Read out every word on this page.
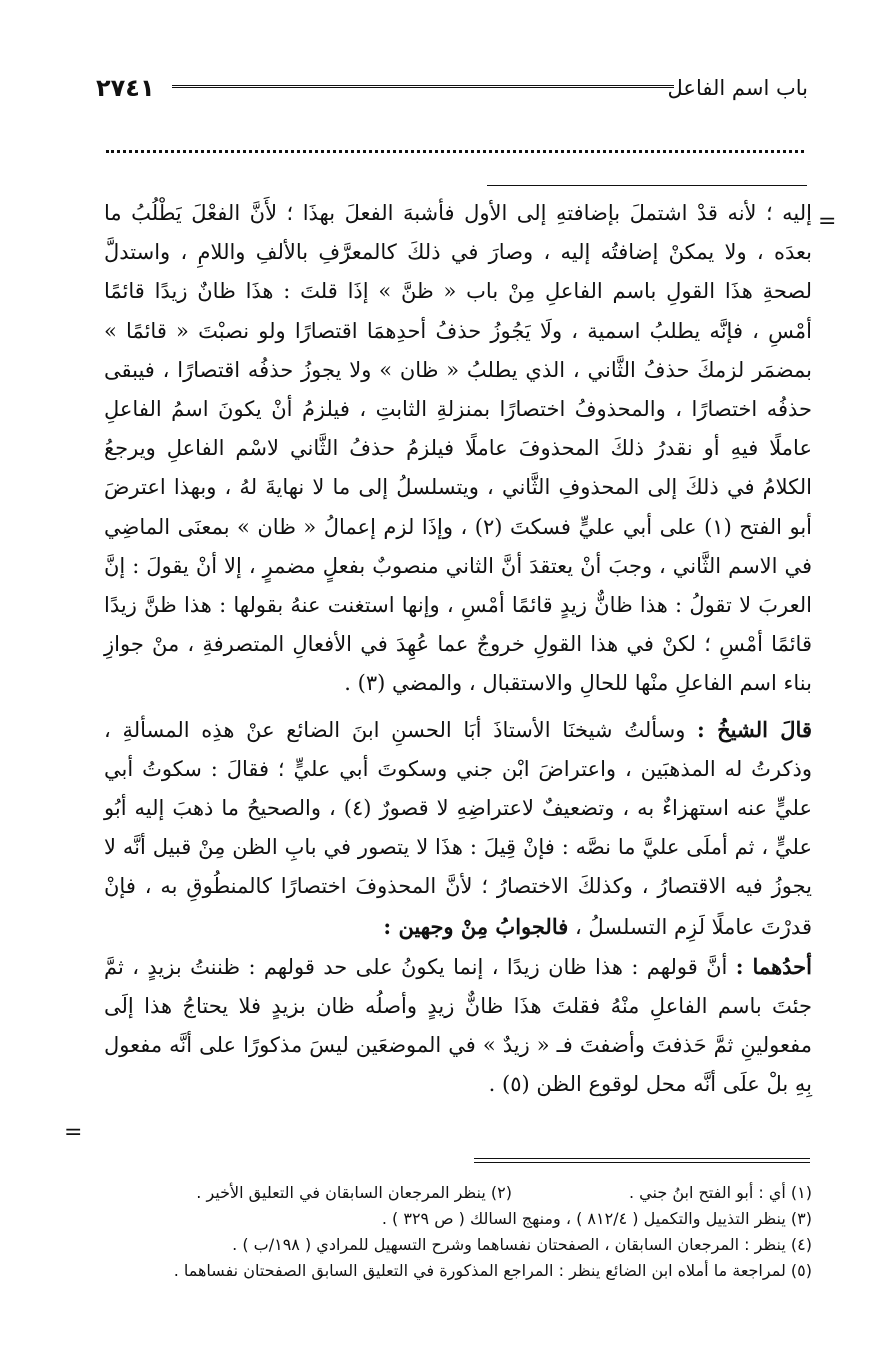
٢٧٤١	باب اسم الفاعل
=

إليه ؛ لأنه قدْ اشتملَ بإضافتهِ إلى الأول فأشبهَ الفعلَ بهذَا ؛ لأَنَّ الفعْلَ يَطْلُبُ ما بعدَه ، ولا يمكنْ إضافتُه إليه ، وصارَ في ذلكَ كالمعرَّفِ بالألفِ واللامِ ، واستدلَّ لصحةِ هذَا القولِ باسم الفاعلِ مِنْ باب « ظنَّ » إذَا قلتَ : هذَا ظانٌ زيدًا قائمًا أمْسِ ، فإنَّه يطلبُ اسمية ، ولَا يَجُوزُ حذفُ أحدِهمَا اقتصارًا ولو نصبْتَ « قائمًا » بمضمَر لزمكَ حذفُ الثَّاني ، الذي يطلبُ « ظان » ولا يجوزُ حذفُه اقتصارًا ، فيبقى حذفُه اختصارًا ، والمحذوفُ اختصارًا بمنزلةِ الثابتِ ، فيلزمُ أنْ يكونَ اسمُ الفاعلِ عاملًا فيهِ أو نقدرُ ذلكَ المحذوفَ عاملًا فيلزمُ حذفُ الثَّاني لاسْم الفاعلِ ويرجعُ الكلامُ في ذلكَ إلى المحذوفِ الثَّاني ، ويتسلسلُ إلى ما لا نهايةَ لهُ ، وبهذا اعترضَ أبو الفتح (١) على أبي عليٍّ فسكتَ (٢) ، وإذَا لزم إعمالُ « ظان » بمعنَى الماضِي في الاسم الثَّاني ، وجبَ أنْ يعتقدَ أنَّ الثاني منصوبٌ بفعلٍ مضمرٍ ، إلا أنْ يقولَ : إنَّ العربَ لا تقولُ : هذا ظانٌّ زيدٍ قائمًا أمْسِ ، وإنها استغنت عنهُ بقولها : هذا ظنَّ زيدًا قائمًا أمْسِ ؛ لكنْ في هذا القولِ خروجٌ عما عُهِدَ في الأفعالِ المتصرفةِ ، منْ جوازِ بناء اسم الفاعلِ منْها للحالِ والاستقبال ، والمضي (٣) .

قالَ الشيخُ : وسألتُ شيخنَا الأستاذَ أبَا الحسنِ ابنَ الضائع عنْ هذِه المسألةِ ، وذكرتُ له المذهبَين ، واعتراضَ ابْن جني وسكوتَ أبي عليٍّ ؛ فقالَ : سكوتُ أبي عليٍّ عنه استهزاءٌ به ، وتضعيفٌ لاعتراضِهِ لا قصورٌ (٤) ، والصحيحُ ما ذهبَ إليه أبُو عليٍّ ، ثم أملَى عليَّ ما نصَّه : فإنْ قِيلَ : هذَا لا يتصور في بابِ الظن مِنْ قبيل أنَّه لا يجوزُ فيه الاقتصارُ ، وكذلكَ الاختصارُ ؛ لأنَّ المحذوفَ اختصارًا كالمنطُوقِ به ، فإنْ قدرْتَ عاملًا لَزِم التسلسلُ ، فالجوابُ مِنْ وجهين :

أحدُهما : أنَّ قولهم : هذا ظان زيدًا ، إنما يكونُ على حد قولهم : ظننتُ بزيدٍ ، ثمَّ جئتَ باسم الفاعلِ منْهُ فقلتَ هذَا ظانٌّ زيدٍ وأصلُه ظان بزيدٍ فلا يحتاجُ هذا إلَى مفعولينِ ثمَّ حَذفتَ وأضفتَ فـ « زيدٌ » في الموضعَين ليسَ مذكورًا على أنَّه مفعول بِهِ بلْ علَى أنَّه محل لوقوع الظن (٥) .

=
(١) أي : أبو الفتح ابنُ جني .
(٢) ينظر المرجعان السابقان في التعليق الأخير .
(٣) ينظر التذييل والتكميل ( ٨١٢/٤ ) ، ومنهج السالك ( ص ٣٢٩ ) .
(٤) ينظر : المرجعان السابقان ، الصفحتان نفساهما وشرح التسهيل للمرادي ( ١٩٨/ب ) .
(٥) لمراجعة ما أملاه ابن الضائع ينظر : المراجع المذكورة في التعليق السابق الصفحتان نفساهما .
